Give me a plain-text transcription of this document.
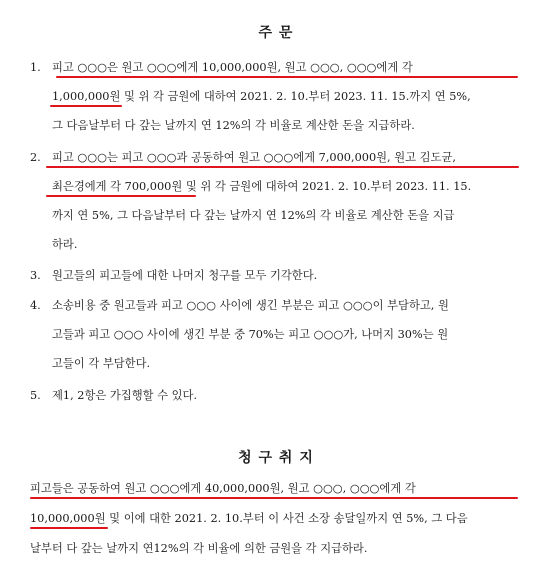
주 문
1. 피고 ○○○은 원고 ○○○에게 10,000,000원, 원고 ○○○, ○○○에게 각
1,000,000원 및 위 각 금원에 대하여 2021. 2. 10.부터 2023. 11. 15.까지 연 5%,
그 다음날부터 다 갚는 날까지 연 12%의 각 비율로 계산한 돈을 지급하라.
2. 피고 ○○○는 피고 ○○○과 공동하여 원고 ○○○에게 7,000,000원, 원고 김도균,
최은경에게 각 700,000원 및 위 각 금원에 대하여 2021. 2. 10.부터 2023. 11. 15.
까지 연 5%, 그 다음날부터 다 갚는 날까지 연 12%의 각 비율로 계산한 돈을 지급
하라.
3. 원고들의 피고들에 대한 나머지 청구를 모두 기각한다.
4. 소송비용 중 원고들과 피고 ○○○ 사이에 생긴 부분은 피고 ○○○이 부담하고, 원
고들과 피고 ○○○ 사이에 생긴 부분 중 70%는 피고 ○○○가, 나머지 30%는 원
고들이 각 부담한다.
5. 제1, 2항은 가집행할 수 있다.
청 구 취 지
피고들은 공동하여 원고 ○○○에게 40,000,000원, 원고 ○○○, ○○○에게 각
10,000,000원 및 이에 대한 2021. 2. 10.부터 이 사건 소장 송달일까지 연 5%, 그 다음
날부터 다 갚는 날까지 연12%의 각 비율에 의한 금원을 각 지급하라.
